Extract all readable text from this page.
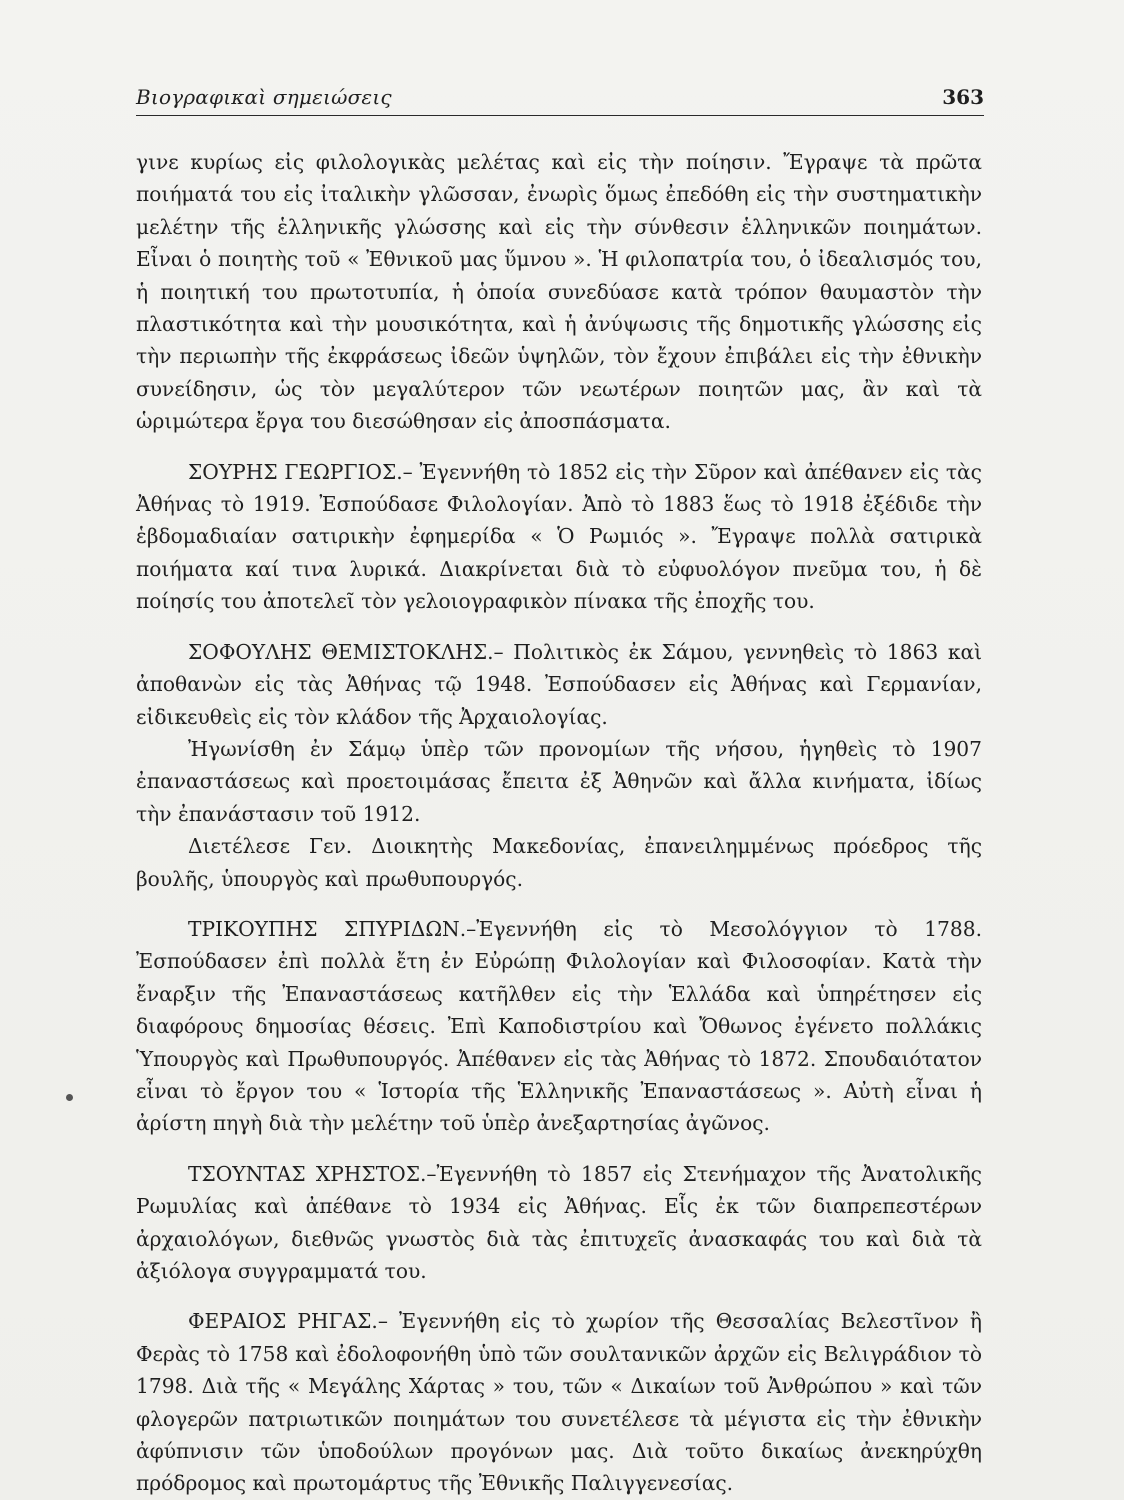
Βιογραφικαὶ σημειώσεις	363

γινε κυρίως εἰς φιλολογικὰς μελέτας καὶ εἰς τὴν ποίησιν. Ἔγραψε τὰ πρῶτα ποιήματά του εἰς ἰταλικὴν γλῶσσαν, ἐνωρὶς ὅμως ἐπεδόθη εἰς τὴν συστηματικὴν μελέτην τῆς ἑλληνικῆς γλώσσης καὶ εἰς τὴν σύνθεσιν ἑλληνικῶν ποιημάτων. Εἶναι ὁ ποιητὴς τοῦ « Ἐθνικοῦ μας ὕμνου ». Ἡ φιλοπατρία του, ὁ ἰδεαλισμός του, ἡ ποιητική του πρωτοτυπία, ἡ ὁποία συνεδύασε κατὰ τρόπον θαυμαστὸν τὴν πλαστικότητα καὶ τὴν μουσικότητα, καὶ ἡ ἀνύψωσις τῆς δημοτικῆς γλώσσης εἰς τὴν περιωπὴν τῆς ἐκφράσεως ἰδεῶν ὑψηλῶν, τὸν ἔχουν ἐπιβάλει εἰς τὴν ἐθνικὴν συνείδησιν, ὡς τὸν μεγαλύτερον τῶν νεωτέρων ποιητῶν μας, ἂν καὶ τὰ ὡριμώτερα ἔργα του διεσώθησαν εἰς ἀποσπάσματα.

ΣΟΥΡΗΣ ΓΕΩΡΓΙΟΣ.– Ἐγεννήθη τὸ 1852 εἰς τὴν Σῦρον καὶ ἀπέθανεν εἰς τὰς Ἀθήνας τὸ 1919. Ἐσπούδασε Φιλολογίαν. Ἀπὸ τὸ 1883 ἕως τὸ 1918 ἐξέδιδε τὴν ἑβδομαδιαίαν σατιρικὴν ἐφημερίδα « Ὁ Ρωμιός ». Ἔγραψε πολλὰ σατιρικὰ ποιήματα καί τινα λυρικά. Διακρίνεται διὰ τὸ εὐφυολόγον πνεῦμα του, ἡ δὲ ποίησίς του ἀποτελεῖ τὸν γελοιογραφικὸν πίνακα τῆς ἐποχῆς του.

ΣΟΦΟΥΛΗΣ ΘΕΜΙΣΤΟΚΛΗΣ.– Πολιτικὸς ἐκ Σάμου, γεννηθεὶς τὸ 1863 καὶ ἀποθανὼν εἰς τὰς Ἀθήνας τῷ 1948. Ἐσπούδασεν εἰς Ἀθήνας καὶ Γερμανίαν, εἰδικευθεὶς εἰς τὸν κλάδον τῆς Ἀρχαιολογίας.

Ἠγωνίσθη ἐν Σάμῳ ὑπὲρ τῶν προνομίων τῆς νήσου, ἡγηθεὶς τὸ 1907 ἐπαναστάσεως καὶ προετοιμάσας ἔπειτα ἐξ Ἀθηνῶν καὶ ἄλλα κινήματα, ἰδίως τὴν ἐπανάστασιν τοῦ 1912.

Διετέλεσε Γεν. Διοικητὴς Μακεδονίας, ἐπανειλημμένως πρόεδρος τῆς βουλῆς, ὑπουργὸς καὶ πρωθυπουργός.

ΤΡΙΚΟΥΠΗΣ ΣΠΥΡΙΔΩΝ.–Ἐγεννήθη εἰς τὸ Μεσολόγγιον τὸ 1788. Ἐσπούδασεν ἐπὶ πολλὰ ἔτη ἐν Εὐρώπῃ Φιλολογίαν καὶ Φιλοσοφίαν. Κατὰ τὴν ἔναρξιν τῆς Ἐπαναστάσεως κατῆλθεν εἰς τὴν Ἑλλάδα καὶ ὑπηρέτησεν εἰς διαφόρους δημοσίας θέσεις. Ἐπὶ Καποδιστρίου καὶ Ὄθωνος ἐγένετο πολλάκις Ὑπουργὸς καὶ Πρωθυπουργός. Ἀπέθανεν εἰς τὰς Ἀθήνας τὸ 1872. Σπουδαιότατον εἶναι τὸ ἔργον του « Ἱστορία τῆς Ἑλληνικῆς Ἐπαναστάσεως ». Αὐτὴ εἶναι ἡ ἀρίστη πηγὴ διὰ τὴν μελέτην τοῦ ὑπὲρ ἀνεξαρτησίας ἀγῶνος.

ΤΣΟΥΝΤΑΣ ΧΡΗΣΤΟΣ.–Ἐγεννήθη τὸ 1857 εἰς Στενήμαχον τῆς Ἀνατολικῆς Ρωμυλίας καὶ ἀπέθανε τὸ 1934 εἰς Ἀθήνας. Εἷς ἐκ τῶν διαπρεπεστέρων ἀρχαιολόγων, διεθνῶς γνωστὸς διὰ τὰς ἐπιτυχεῖς ἀνασκαφάς του καὶ διὰ τὰ ἀξιόλογα συγγραμματά του.

ΦΕΡΑΙΟΣ ΡΗΓΑΣ.– Ἐγεννήθη εἰς τὸ χωρίον τῆς Θεσσαλίας Βελεστῖνον ἢ Φερὰς τὸ 1758 καὶ ἐδολοφονήθη ὑπὸ τῶν σουλτανικῶν ἀρχῶν εἰς Βελιγράδιον τὸ 1798. Διὰ τῆς « Μεγάλης Χάρτας » του, τῶν « Δικαίων τοῦ Ἀνθρώπου » καὶ τῶν φλογερῶν πατριωτικῶν ποιημάτων του συνετέλεσε τὰ μέγιστα εἰς τὴν ἐθνικὴν ἀφύπνισιν τῶν ὑποδούλων προγόνων μας. Διὰ τοῦτο δικαίως ἀνεκηρύχθη πρόδρομος καὶ πρωτομάρτυς τῆς Ἐθνικῆς Παλιγγενεσίας.
